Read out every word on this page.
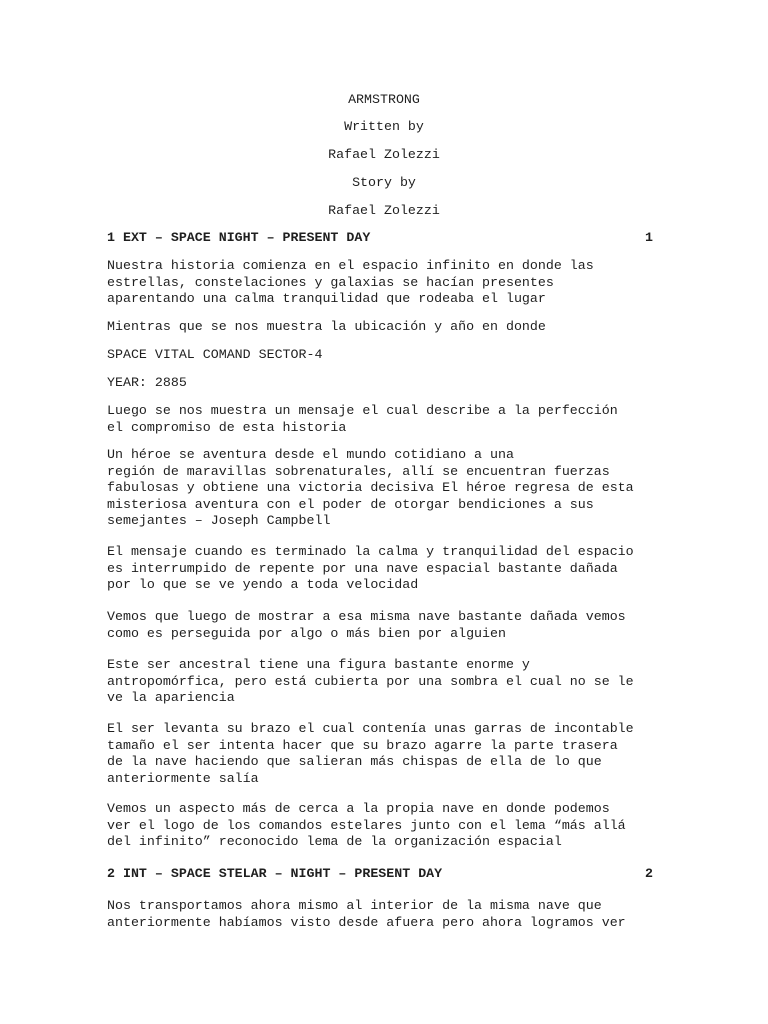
ARMSTRONG
Written by
Rafael Zolezzi
Story by
Rafael Zolezzi
1 EXT – SPACE NIGHT – PRESENT DAY	1
Nuestra historia comienza en el espacio infinito en donde las
estrellas, constelaciones y galaxias se hacían presentes
aparentando una calma tranquilidad que rodeaba el lugar
Mientras que se nos muestra la ubicación y año en donde
SPACE VITAL COMAND SECTOR-4
YEAR: 2885
Luego se nos muestra un mensaje el cual describe a la perfección
el compromiso de esta historia
Un héroe se aventura desde el mundo cotidiano a una
región de maravillas sobrenaturales, allí se encuentran fuerzas
fabulosas y obtiene una victoria decisiva El héroe regresa de esta
misteriosa aventura con el poder de otorgar bendiciones a sus
semejantes – Joseph Campbell
El mensaje cuando es terminado la calma y tranquilidad del espacio
es interrumpido de repente por una nave espacial bastante dañada
por lo que se ve yendo a toda velocidad
Vemos que luego de mostrar a esa misma nave bastante dañada vemos
como es perseguida por algo o más bien por alguien
Este ser ancestral tiene una figura bastante enorme y
antropomórfica, pero está cubierta por una sombra el cual no se le
ve la apariencia
El ser levanta su brazo el cual contenía unas garras de incontable
tamaño el ser intenta hacer que su brazo agarre la parte trasera
de la nave haciendo que salieran más chispas de ella de lo que
anteriormente salía
Vemos un aspecto más de cerca a la propia nave en donde podemos
ver el logo de los comandos estelares junto con el lema “más allá
del infinito” reconocido lema de la organización espacial
2 INT – SPACE STELAR – NIGHT – PRESENT DAY	2
Nos transportamos ahora mismo al interior de la misma nave que
anteriormente habíamos visto desde afuera pero ahora logramos ver
